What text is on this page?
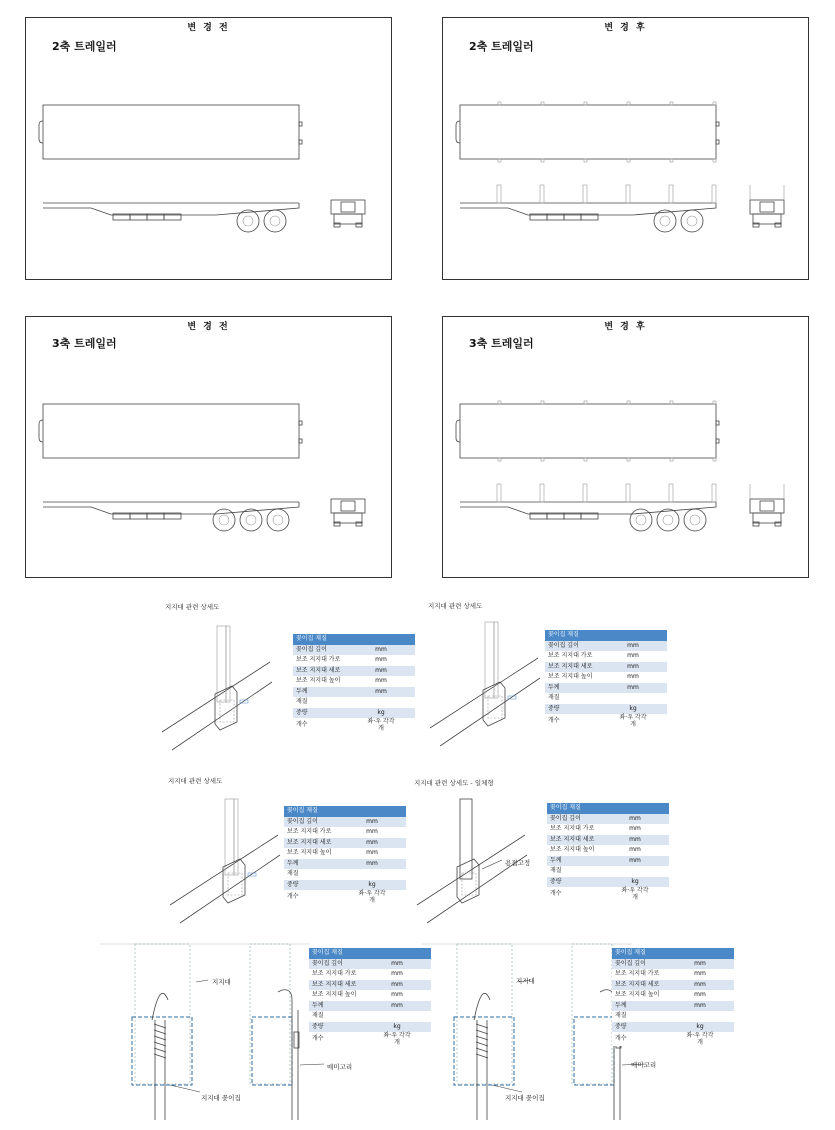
변 경 전
2축 트레일러
변 경 후
2축 트레일러
변 경 전
3축 트레일러
변 경 후
3축 트레일러
지지대 관련 상세도
꽂이집 재질	
꽂이집 깊이	mm
보조 지지대 가로	mm
보조 지지대 세로	mm
보조 지지대 높이	mm
두께	mm
재질	
중량	kg
개수	좌·우 각각
개
지지대 관련 상세도
꽂이집 재질	
꽂이집 깊이	mm
보조 지지대 가로	mm
보조 지지대 세로	mm
보조 지지대 높이	mm
두께	mm
재질	
중량	kg
개수	좌·우 각각
개
지지대 관련 상세도
꽂이집 재질	
꽂이집 깊이	mm
보조 지지대 가로	mm
보조 지지대 세로	mm
보조 지지대 높이	mm
두께	mm
재질	
중량	kg
개수	좌·우 각각
개
지지대 관련 상세도 - 일체형
용접고정
꽂이집 재질	
꽂이집 깊이	mm
보조 지지대 가로	mm
보조 지지대 세로	mm
보조 지지대 높이	mm
두께	mm
재질	
중량	kg
개수	좌·우 각각
개
지지대
지지대 꽂이집
매미고리
꽂이집 재질	
꽂이집 깊이	mm
보조 지지대 가로	mm
보조 지지대 세로	mm
보조 지지대 높이	mm
두께	mm
재질	
중량	kg
개수	좌·우 각각
개
지지대
지지대 꽂이집
매미고리
꽂이집 재질	
꽂이집 깊이	mm
보조 지지대 가로	mm
보조 지지대 세로	mm
보조 지지대 높이	mm
두께	mm
재질	
중량	kg
개수	좌·우 각각
개
